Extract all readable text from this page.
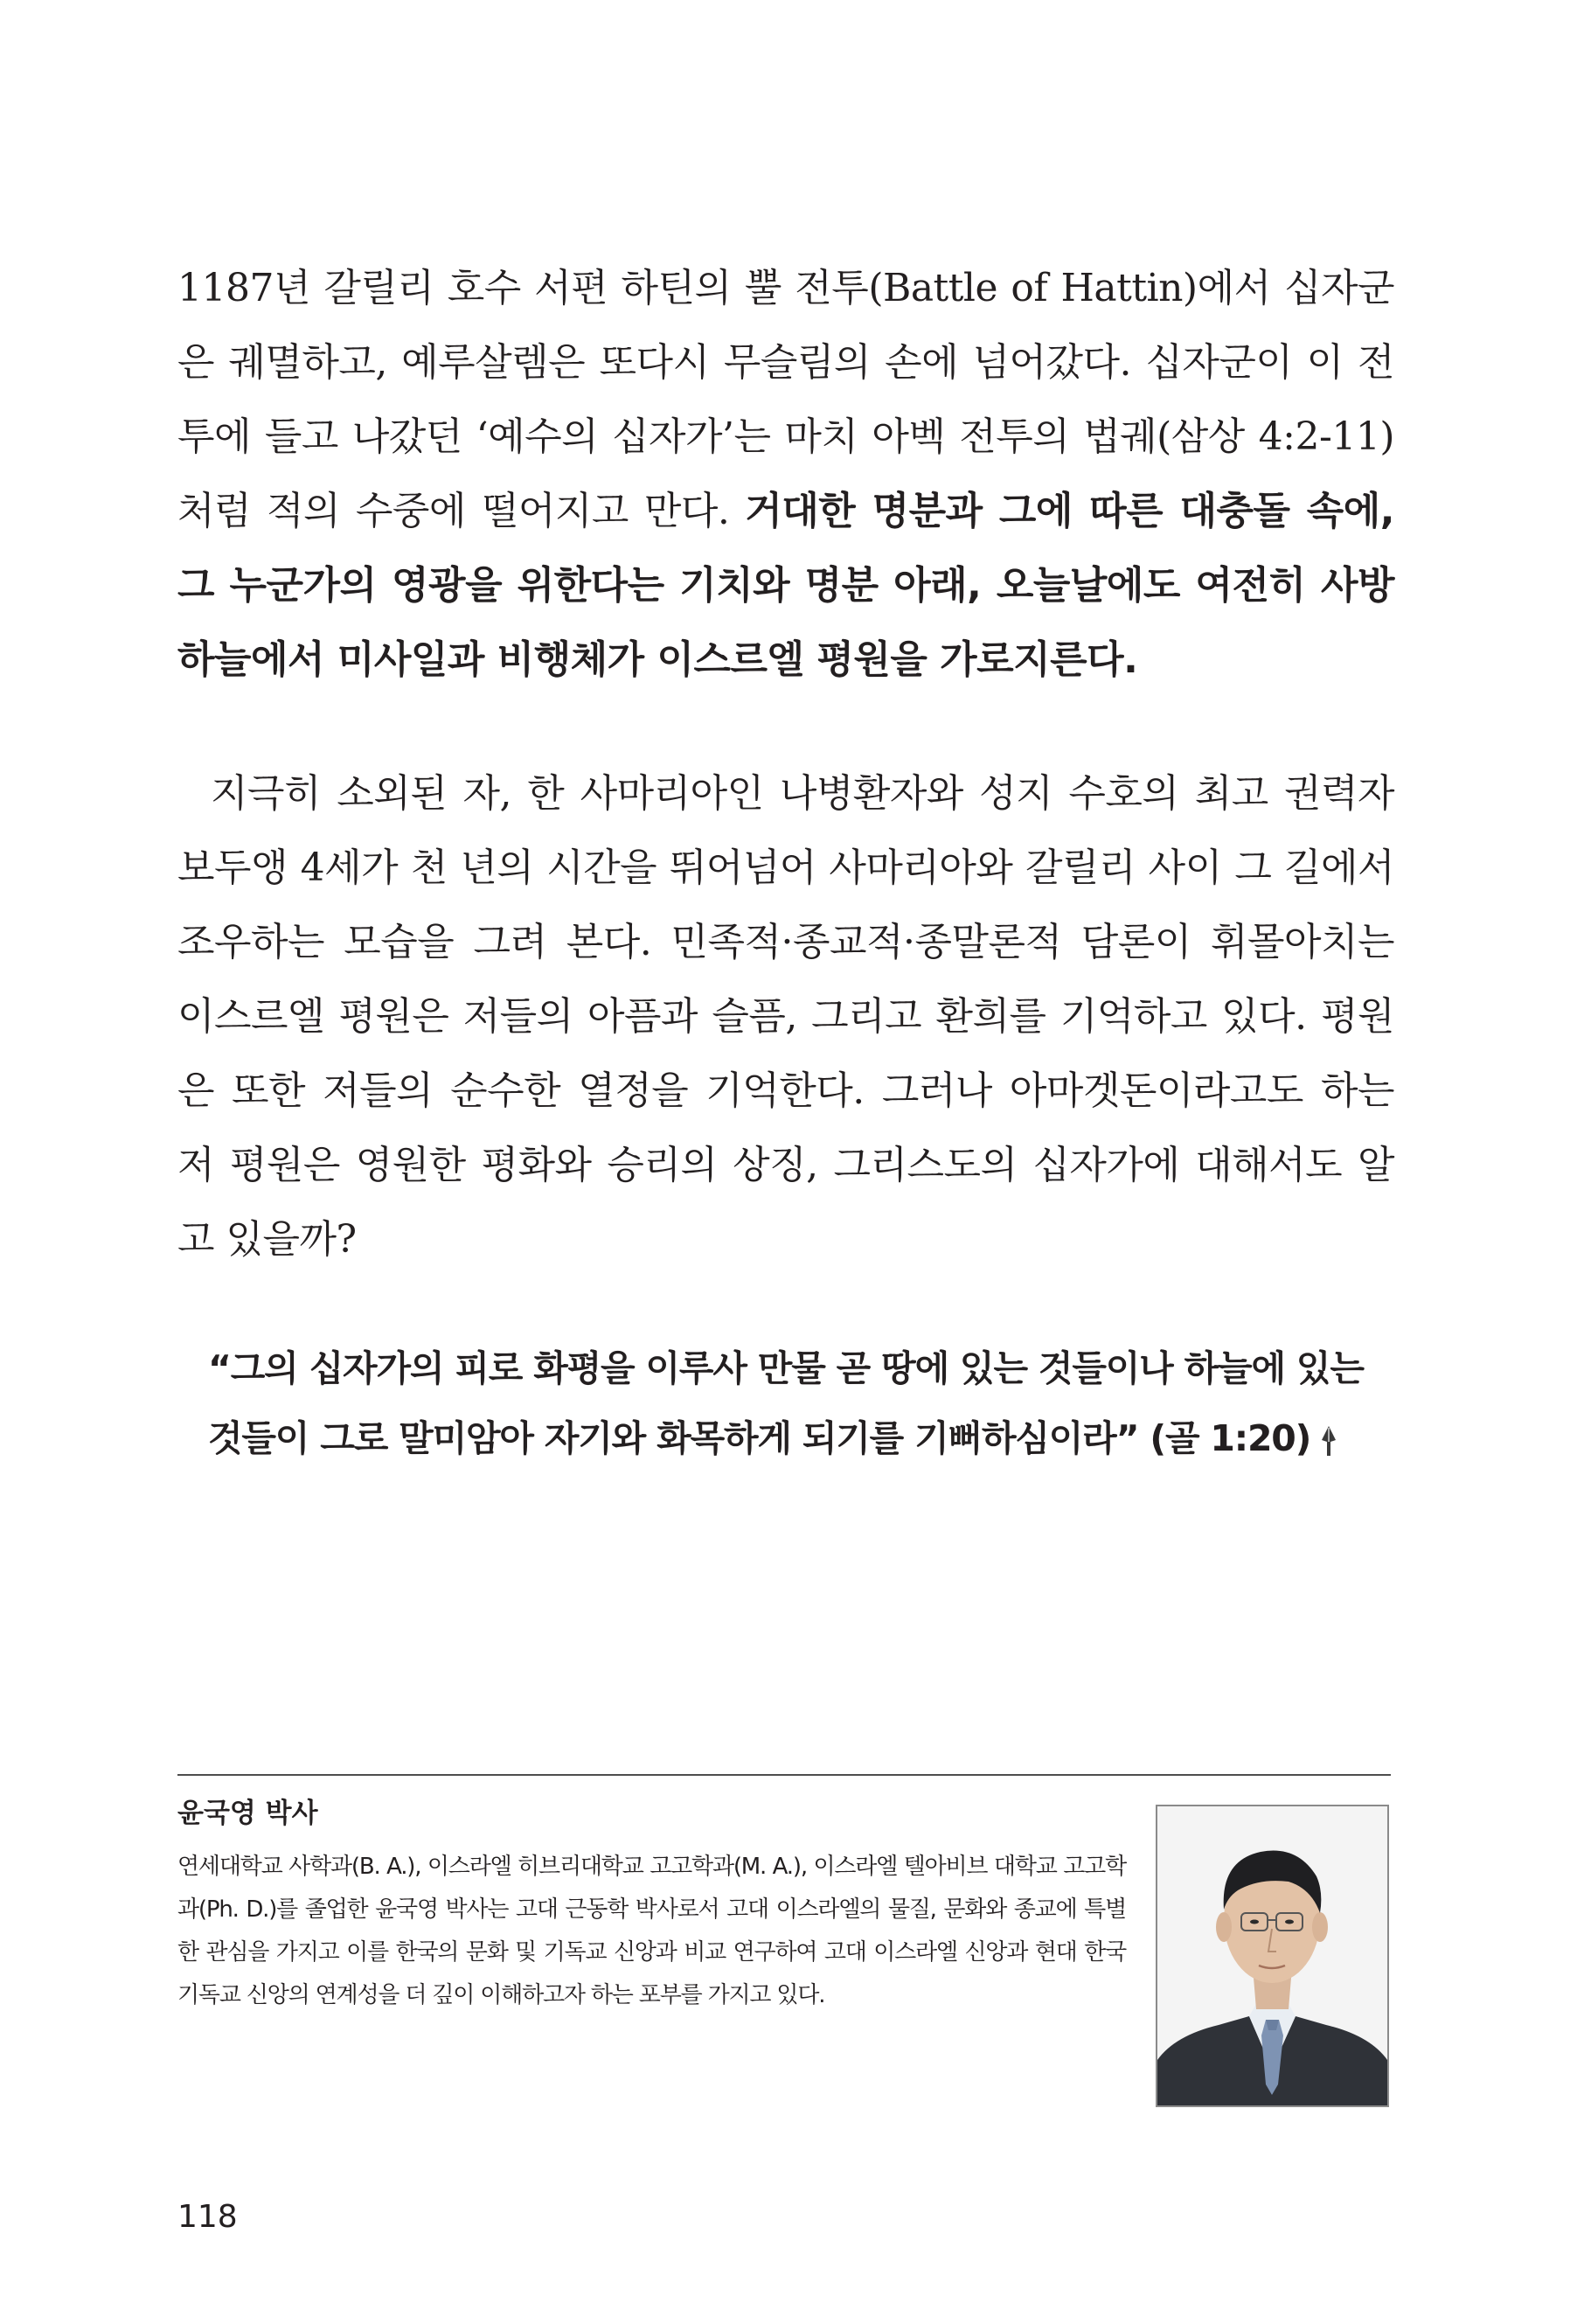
1187년 갈릴리 호수 서편 하틴의 뿔 전투(Battle of Hattin)에서 십자군은 궤멸하고, 예루살렘은 또다시 무슬림의 손에 넘어갔다. 십자군이 이 전투에 들고 나갔던 ‘예수의 십자가’는 마치 아벡 전투의 법궤(삼상 4:2-11)처럼 적의 수중에 떨어지고 만다. 거대한 명분과 그에 따른 대충돌 속에, 그 누군가의 영광을 위한다는 기치와 명분 아래, 오늘날에도 여전히 사방 하늘에서 미사일과 비행체가 이스르엘 평원을 가로지른다.
지극히 소외된 자, 한 사마리아인 나병환자와 성지 수호의 최고 권력자 보두앵 4세가 천 년의 시간을 뛰어넘어 사마리아와 갈릴리 사이 그 길에서 조우하는 모습을 그려 본다. 민족적·종교적·종말론적 담론이 휘몰아치는 이스르엘 평원은 저들의 아픔과 슬픔, 그리고 환희를 기억하고 있다. 평원은 또한 저들의 순수한 열정을 기억한다. 그러나 아마겟돈이라고도 하는 저 평원은 영원한 평화와 승리의 상징, 그리스도의 십자가에 대해서도 알고 있을까?
“그의 십자가의 피로 화평을 이루사 만물 곧 땅에 있는 것들이나 하늘에 있는 것들이 그로 말미암아 자기와 화목하게 되기를 기뻐하심이라” (골 1:20)
윤국영 박사
연세대학교 사학과(B. A.), 이스라엘 히브리대학교 고고학과(M. A.), 이스라엘 텔아비브 대학교 고고학과(Ph. D.)를 졸업한 윤국영 박사는 고대 근동학 박사로서 고대 이스라엘의 물질, 문화와 종교에 특별한 관심을 가지고 이를 한국의 문화 및 기독교 신앙과 비교 연구하여 고대 이스라엘 신앙과 현대 한국 기독교 신앙의 연계성을 더 깊이 이해하고자 하는 포부를 가지고 있다.
118
